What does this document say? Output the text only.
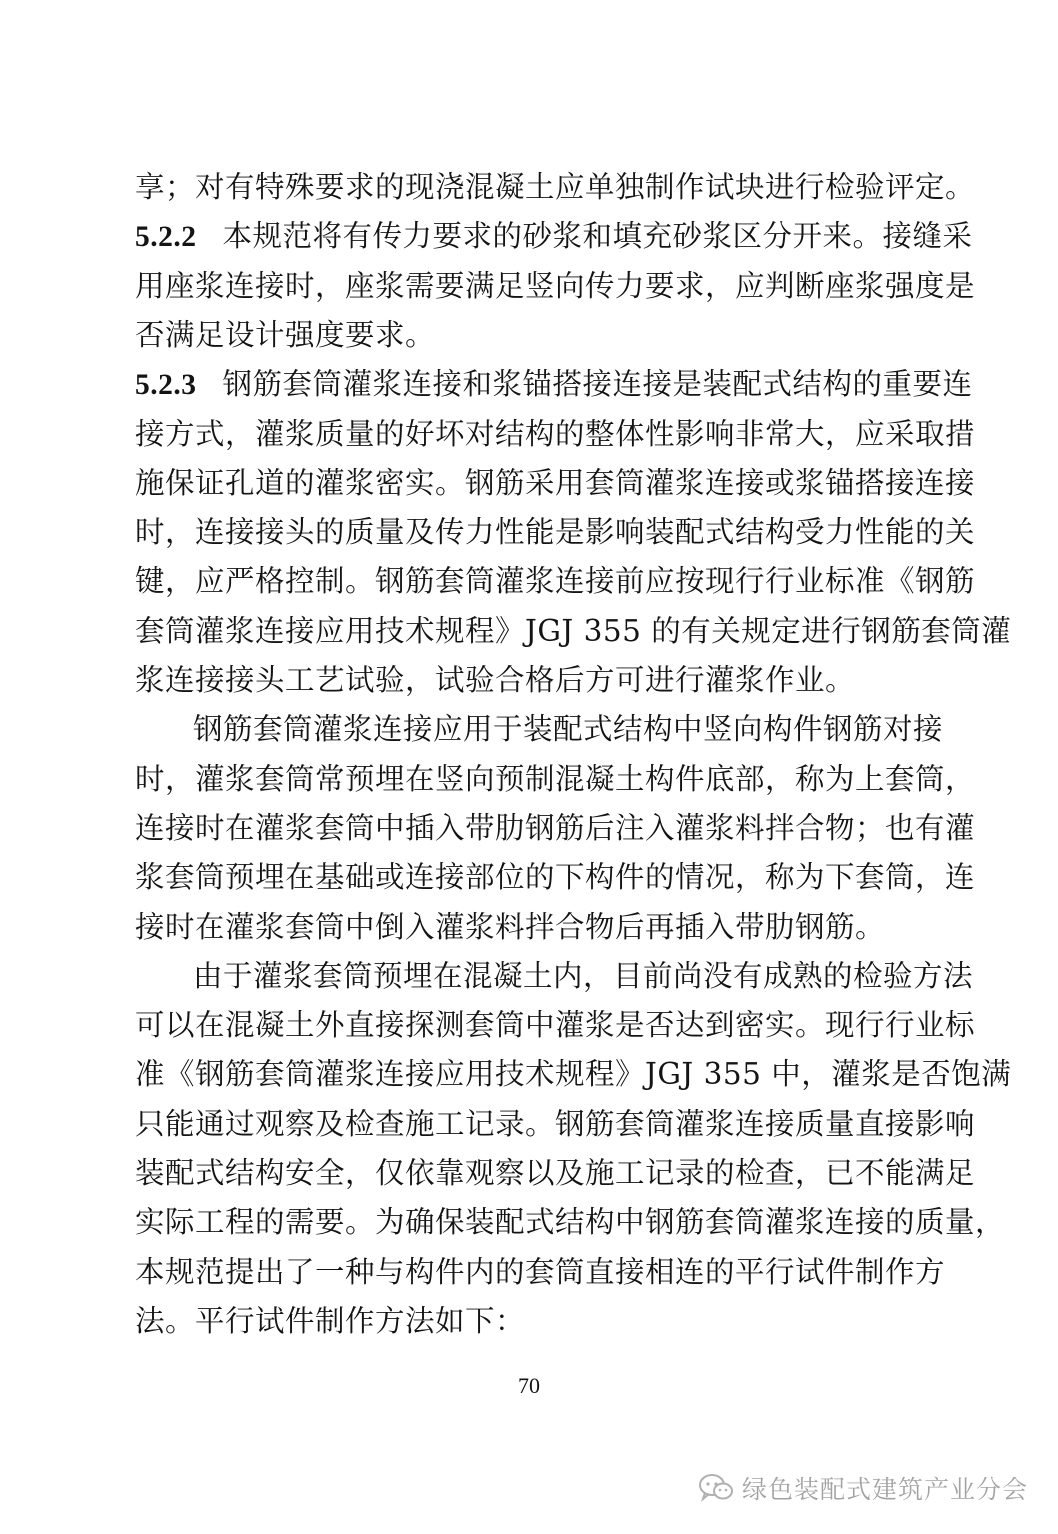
享；对有特殊要求的现浇混凝土应单独制作试块进行检验评定。
5.2.2 本规范将有传力要求的砂浆和填充砂浆区分开来。接缝采
用座浆连接时，座浆需要满足竖向传力要求，应判断座浆强度是
否满足设计强度要求。
5.2.3 钢筋套筒灌浆连接和浆锚搭接连接是装配式结构的重要连
接方式，灌浆质量的好坏对结构的整体性影响非常大，应采取措
施保证孔道的灌浆密实。钢筋采用套筒灌浆连接或浆锚搭接连接
时，连接接头的质量及传力性能是影响装配式结构受力性能的关
键，应严格控制。钢筋套筒灌浆连接前应按现行行业标准《钢筋
套筒灌浆连接应用技术规程》JGJ 355 的有关规定进行钢筋套筒灌
浆连接接头工艺试验，试验合格后方可进行灌浆作业。
钢筋套筒灌浆连接应用于装配式结构中竖向构件钢筋对接
时，灌浆套筒常预埋在竖向预制混凝土构件底部，称为上套筒，
连接时在灌浆套筒中插入带肋钢筋后注入灌浆料拌合物；也有灌
浆套筒预埋在基础或连接部位的下构件的情况，称为下套筒，连
接时在灌浆套筒中倒入灌浆料拌合物后再插入带肋钢筋。
由于灌浆套筒预埋在混凝土内，目前尚没有成熟的检验方法
可以在混凝土外直接探测套筒中灌浆是否达到密实。现行行业标
准《钢筋套筒灌浆连接应用技术规程》JGJ 355 中，灌浆是否饱满
只能通过观察及检查施工记录。钢筋套筒灌浆连接质量直接影响
装配式结构安全，仅依靠观察以及施工记录的检查，已不能满足
实际工程的需要。为确保装配式结构中钢筋套筒灌浆连接的质量，
本规范提出了一种与构件内的套筒直接相连的平行试件制作方
法。平行试件制作方法如下：
70
绿色装配式建筑产业分会
